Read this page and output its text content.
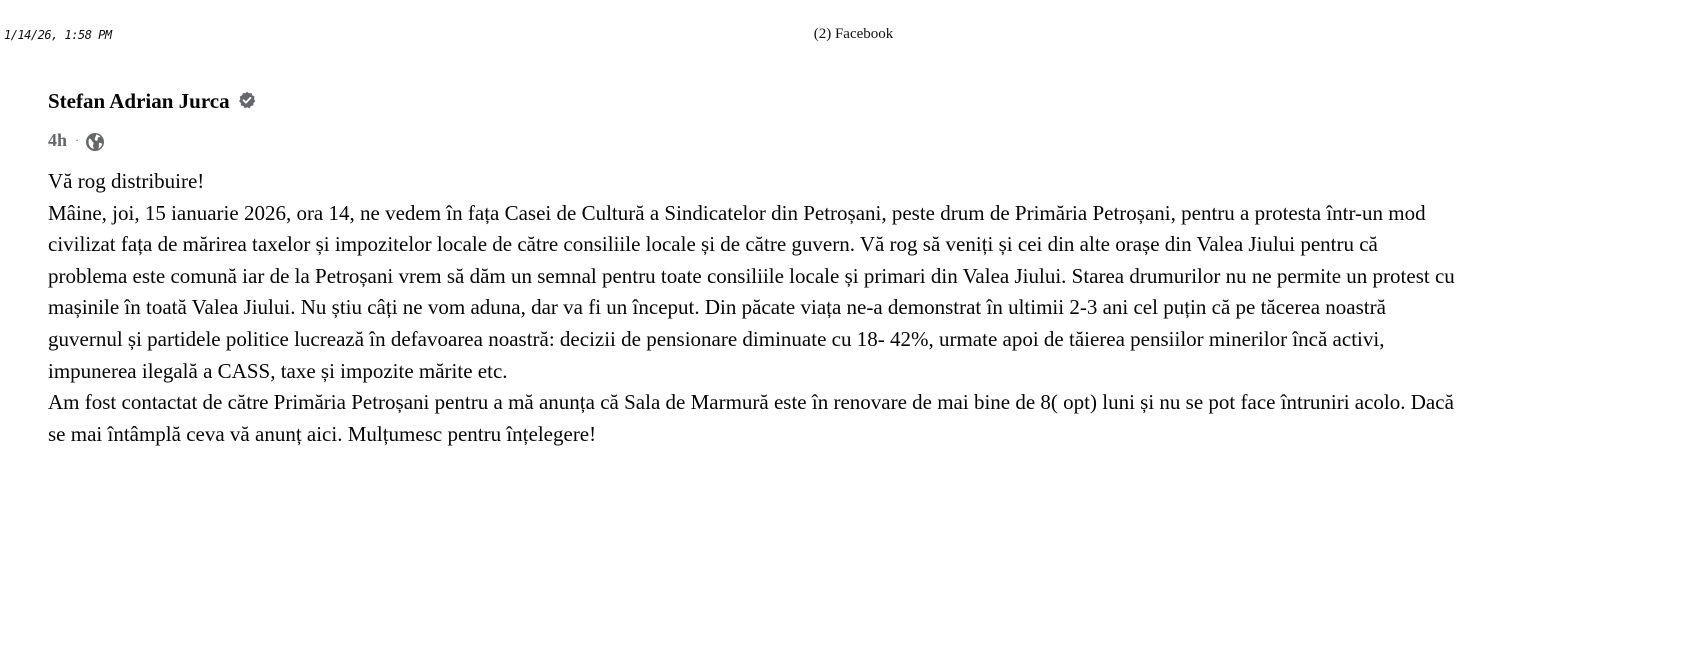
1/14/26, 1:58 PM	(2) Facebook
Stefan Adrian Jurca
4h ·
Vă rog distribuire!
Mâine, joi, 15 ianuarie 2026, ora 14, ne vedem în fața Casei de Cultură a Sindicatelor din Petroșani, peste drum de Primăria Petroșani, pentru a protesta într-un mod
civilizat fața de mărirea taxelor și impozitelor locale de către consiliile locale și de către guvern. Vă rog să veniți și cei din alte orașe din Valea Jiului pentru că
problema este comună iar de la Petroșani vrem să dăm un semnal pentru toate consiliile locale și primari din Valea Jiului. Starea drumurilor nu ne permite un protest cu
mașinile în toată Valea Jiului. Nu știu câți ne vom aduna, dar va fi un început. Din păcate viața ne-a demonstrat în ultimii 2-3 ani cel puțin că pe tăcerea noastră
guvernul și partidele politice lucrează în defavoarea noastră: decizii de pensionare diminuate cu 18- 42%, urmate apoi de tăierea pensiilor minerilor încă activi,
impunerea ilegală a CASS, taxe și impozite mărite etc.
Am fost contactat de către Primăria Petroșani pentru a mă anunța că Sala de Marmură este în renovare de mai bine de 8( opt) luni și nu se pot face întruniri acolo. Dacă
se mai întâmplă ceva vă anunț aici. Mulțumesc pentru înțelegere!
